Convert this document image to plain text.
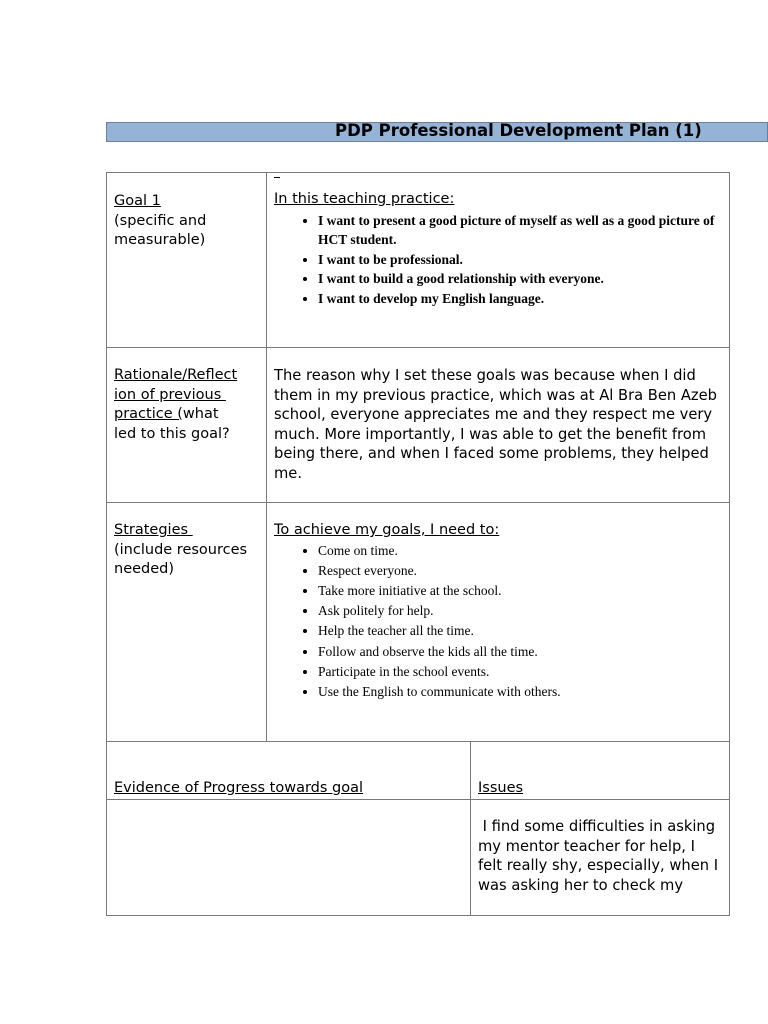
PDP Professional Development Plan (1)
Goal 1
(specific and measurable)
In this teaching practice:
• I want to present a good picture of myself as well as a good picture of HCT student.
• I want to be professional.
• I want to build a good relationship with everyone.
• I want to develop my English language.
Rationale/Reflect
ion of previous
practice (what
led to this goal?
The reason why I set these goals was because when I did them in my previous practice, which was at Al Bra Ben Azeb school, everyone appreciates me and they respect me very much. More importantly, I was able to get the benefit from being there, and when I faced some problems, they helped me.
Strategies
(include resources needed)
To achieve my goals, I need to:
• Come on time.
• Respect everyone.
• Take more initiative at the school.
• Ask politely for help.
• Help the teacher all the time.
• Follow and observe the kids all the time.
• Participate in the school events.
• Use the English to communicate with others.
Evidence of Progress towards goal	Issues
I find some difficulties in asking my mentor teacher for help, I felt really shy, especially, when I was asking her to check my
